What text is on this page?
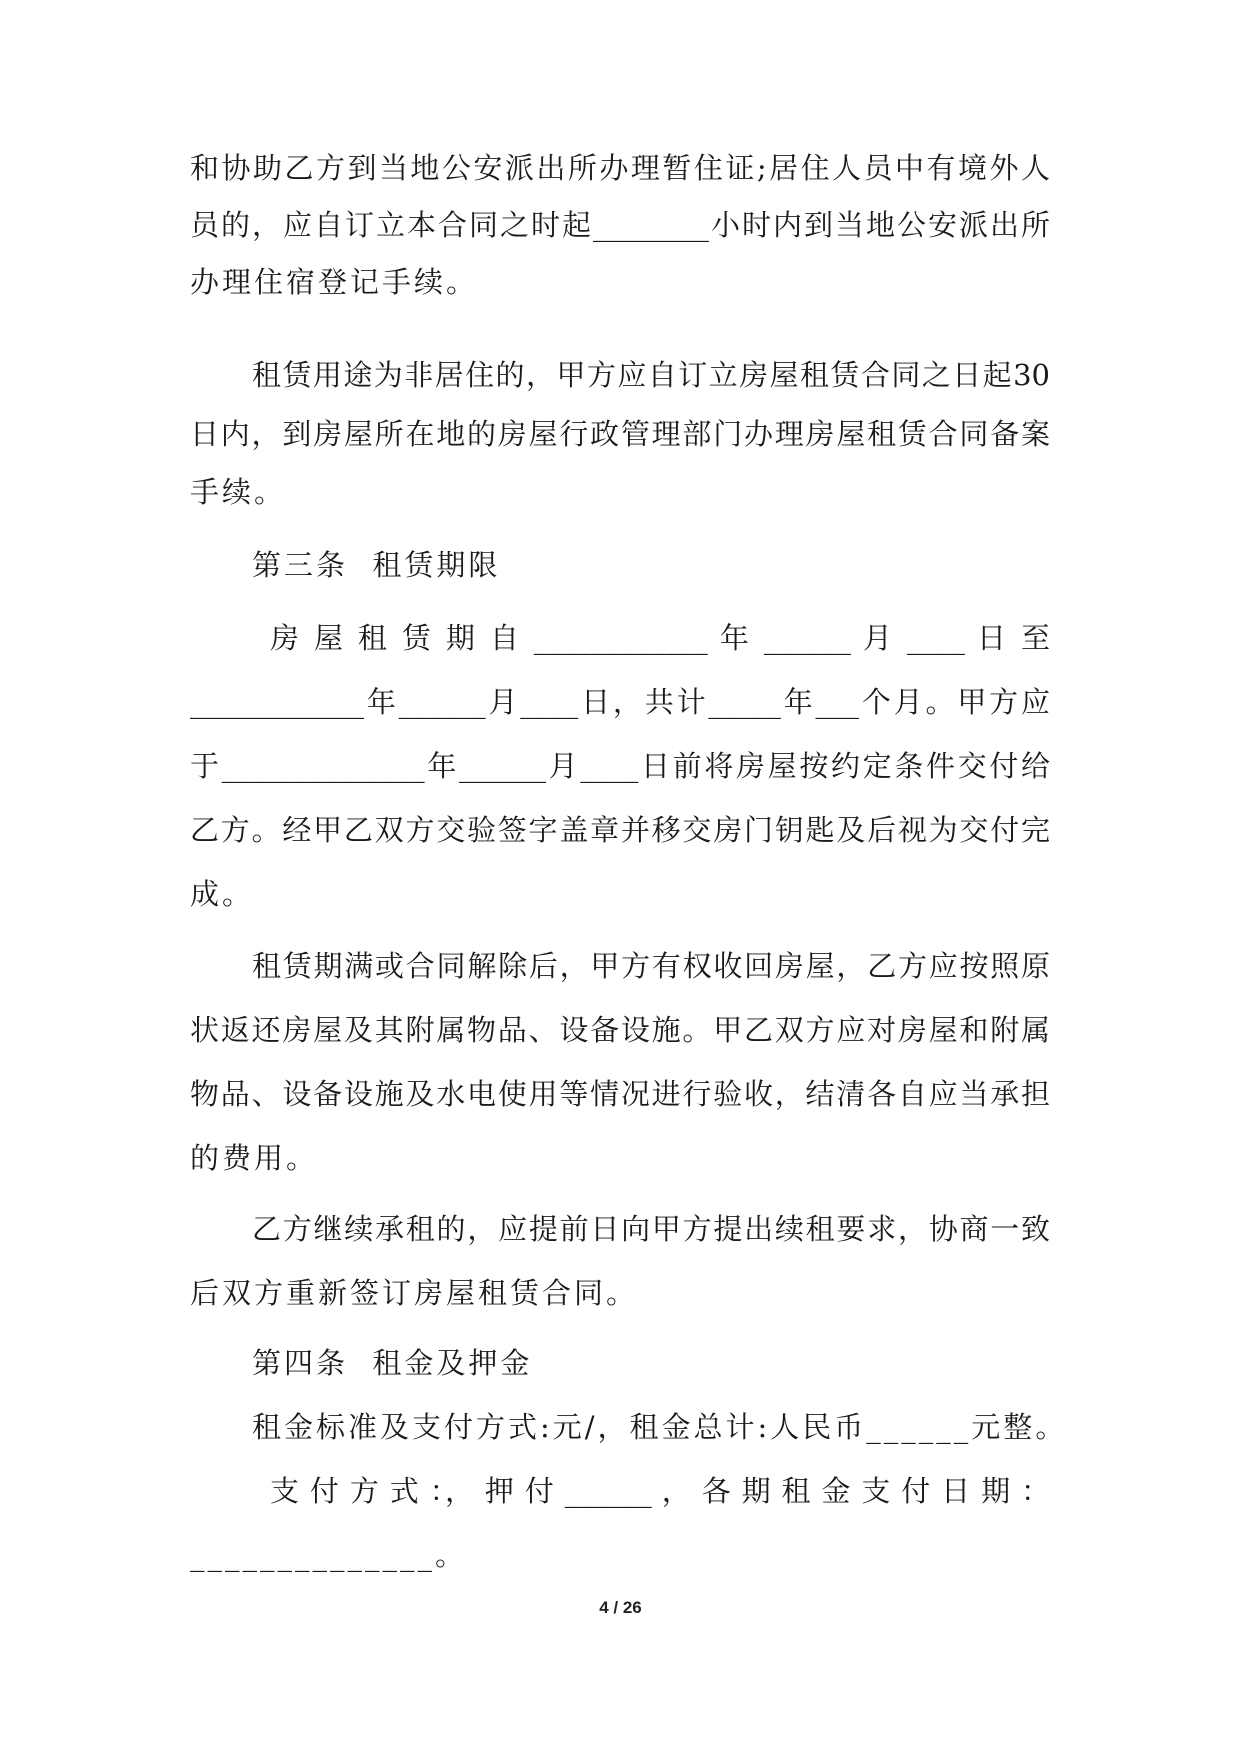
和协助乙方到当地公安派出所办理暂住证;居住人员中有境外人
员的，应自订立本合同之时起________小时内到当地公安派出所
办理住宿登记手续。
租赁用途为非居住的，甲方应自订立房屋租赁合同之日起30
日内，到房屋所在地的房屋行政管理部门办理房屋租赁合同备案
手续。
第三条  租赁期限
房 屋 租 赁 期 自 ____________ 年 ______ 月 ____ 日 至
____________年______月____日，共计_____年___个月。甲方应
于______________年______月____日前将房屋按约定条件交付给
乙方。经甲乙双方交验签字盖章并移交房门钥匙及后视为交付完
成。
租赁期满或合同解除后，甲方有权收回房屋，乙方应按照原
状返还房屋及其附属物品、设备设施。甲乙双方应对房屋和附属
物品、设备设施及水电使用等情况进行验收，结清各自应当承担
的费用。
乙方继续承租的，应提前日向甲方提出续租要求，协商一致
后双方重新签订房屋租赁合同。
第四条  租金及押金
租金标准及支付方式:元/，租金总计:人民币______元整。
支 付 方 式 ：， 押 付 ______ ， 各 期 租 金 支 付 日 期 ：
______________。
4 / 26
